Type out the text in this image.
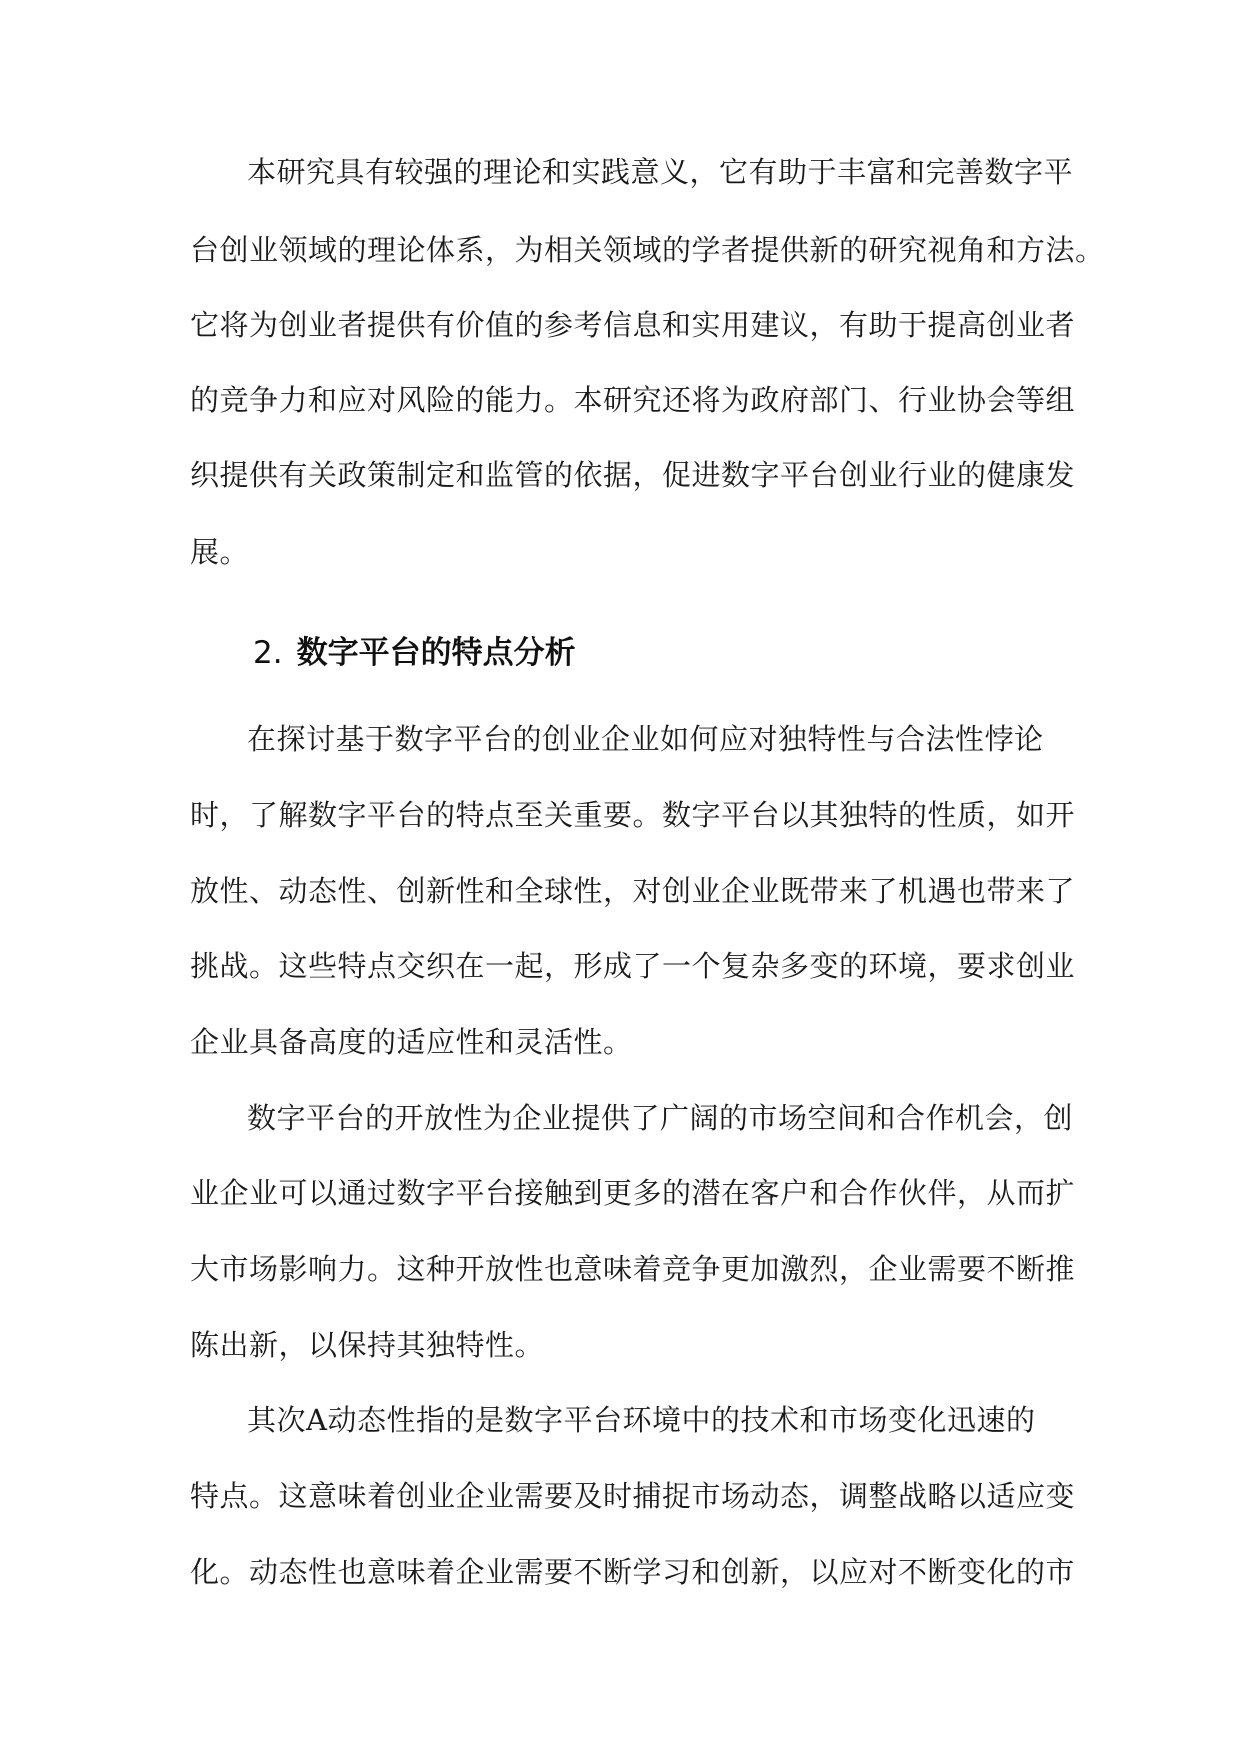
本研究具有较强的理论和实践意义，它有助于丰富和完善数字平
台创业领域的理论体系，为相关领域的学者提供新的研究视角和方法。
它将为创业者提供有价值的参考信息和实用建议，有助于提高创业者
的竞争力和应对风险的能力。本研究还将为政府部门、行业协会等组
织提供有关政策制定和监管的依据，促进数字平台创业行业的健康发
展。
2. 数字平台的特点分析
在探讨基于数字平台的创业企业如何应对独特性与合法性悖论
时，了解数字平台的特点至关重要。数字平台以其独特的性质，如开
放性、动态性、创新性和全球性，对创业企业既带来了机遇也带来了
挑战。这些特点交织在一起，形成了一个复杂多变的环境，要求创业
企业具备高度的适应性和灵活性。
数字平台的开放性为企业提供了广阔的市场空间和合作机会，创
业企业可以通过数字平台接触到更多的潜在客户和合作伙伴，从而扩
大市场影响力。这种开放性也意味着竞争更加激烈，企业需要不断推
陈出新，以保持其独特性。
其次A动态性指的是数字平台环境中的技术和市场变化迅速的
特点。这意味着创业企业需要及时捕捉市场动态，调整战略以适应变
化。动态性也意味着企业需要不断学习和创新，以应对不断变化的市
